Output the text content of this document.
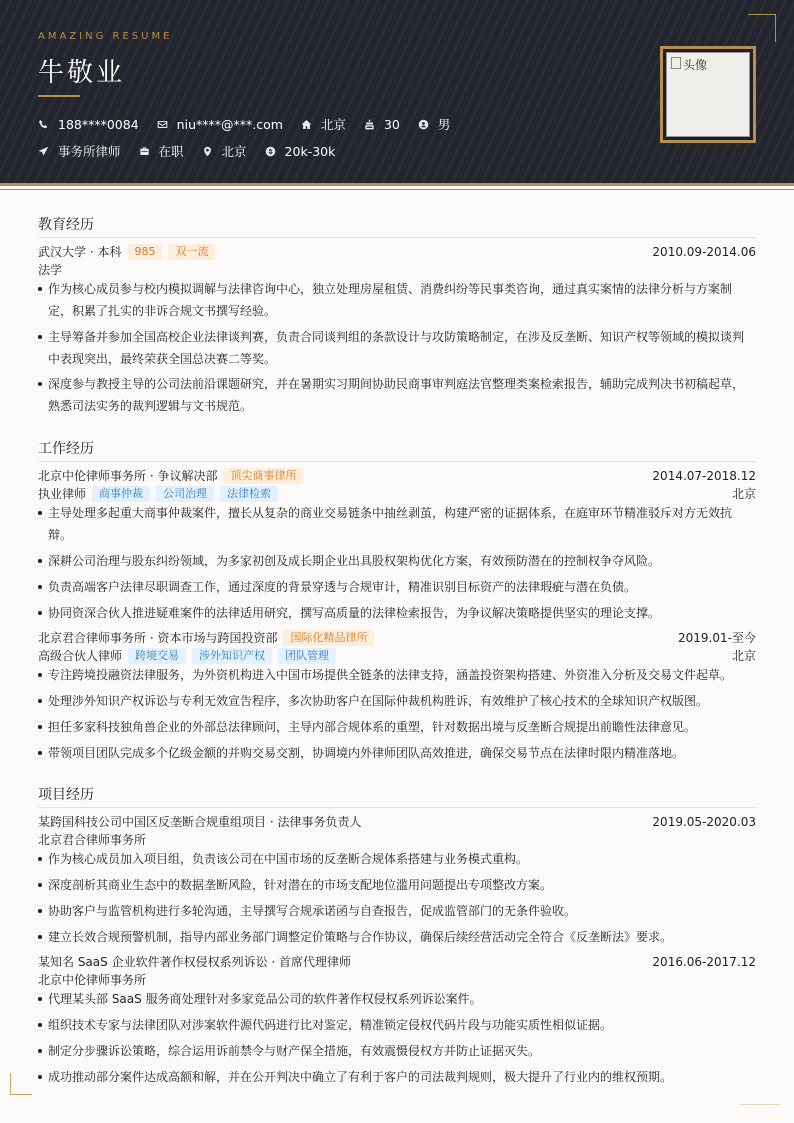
AMAZING RESUME
牛敬业
188****0084	niu****@***.com	北京	30	男
事务所律师	在职	北京	20k-30k
头像
教育经历
武汉大学 · 本科	985	双一流	2010.09-2014.06
法学
作为核心成员参与校内模拟调解与法律咨询中心，独立处理房屋租赁、消费纠纷等民事类咨询，通过真实案情的法律分析与方案制定，积累了扎实的非诉合规文书撰写经验。
主导筹备并参加全国高校企业法律谈判赛，负责合同谈判组的条款设计与攻防策略制定，在涉及反垄断、知识产权等领域的模拟谈判中表现突出，最终荣获全国总决赛二等奖。
深度参与教授主导的公司法前沿课题研究，并在暑期实习期间协助民商事审判庭法官整理类案检索报告，辅助完成判决书初稿起草，熟悉司法实务的裁判逻辑与文书规范。
工作经历
北京中伦律师事务所 · 争议解决部	顶尖商事律所	2014.07-2018.12
执业律师	商事仲裁	公司治理	法律检索	北京
主导处理多起重大商事仲裁案件，擅长从复杂的商业交易链条中抽丝剥茧，构建严密的证据体系，在庭审环节精准驳斥对方无效抗辩。
深耕公司治理与股东纠纷领域，为多家初创及成长期企业出具股权架构优化方案，有效预防潜在的控制权争夺风险。
负责高端客户法律尽职调查工作，通过深度的背景穿透与合规审计，精准识别目标资产的法律瑕疵与潜在负债。
协同资深合伙人推进疑难案件的法律适用研究，撰写高质量的法律检索报告，为争议解决策略提供坚实的理论支撑。
北京君合律师事务所 · 资本市场与跨国投资部	国际化精品律所	2019.01-至今
高级合伙人律师	跨境交易	涉外知识产权	团队管理	北京
专注跨境投融资法律服务，为外资机构进入中国市场提供全链条的法律支持，涵盖投资架构搭建、外资准入分析及交易文件起草。
处理涉外知识产权诉讼与专利无效宣告程序，多次协助客户在国际仲裁机构胜诉，有效维护了核心技术的全球知识产权版图。
担任多家科技独角兽企业的外部总法律顾问，主导内部合规体系的重塑，针对数据出境与反垄断合规提出前瞻性法律意见。
带领项目团队完成多个亿级金额的并购交易交割，协调境内外律师团队高效推进，确保交易节点在法律时限内精准落地。
项目经历
某跨国科技公司中国区反垄断合规重组项目 · 法律事务负责人	2019.05-2020.03
北京君合律师事务所
作为核心成员加入项目组，负责该公司在中国市场的反垄断合规体系搭建与业务模式重构。
深度剖析其商业生态中的数据垄断风险，针对潜在的市场支配地位滥用问题提出专项整改方案。
协助客户与监管机构进行多轮沟通，主导撰写合规承诺函与自查报告，促成监管部门的无条件验收。
建立长效合规预警机制，指导内部业务部门调整定价策略与合作协议，确保后续经营活动完全符合《反垄断法》要求。
某知名 SaaS 企业软件著作权侵权系列诉讼 · 首席代理律师	2016.06-2017.12
北京中伦律师事务所
代理某头部 SaaS 服务商处理针对多家竞品公司的软件著作权侵权系列诉讼案件。
组织技术专家与法律团队对涉案软件源代码进行比对鉴定，精准锁定侵权代码片段与功能实质性相似证据。
制定分步骤诉讼策略，综合运用诉前禁令与财产保全措施，有效震慑侵权方并防止证据灭失。
成功推动部分案件达成高额和解，并在公开判决中确立了有利于客户的司法裁判规则，极大提升了行业内的维权预期。
